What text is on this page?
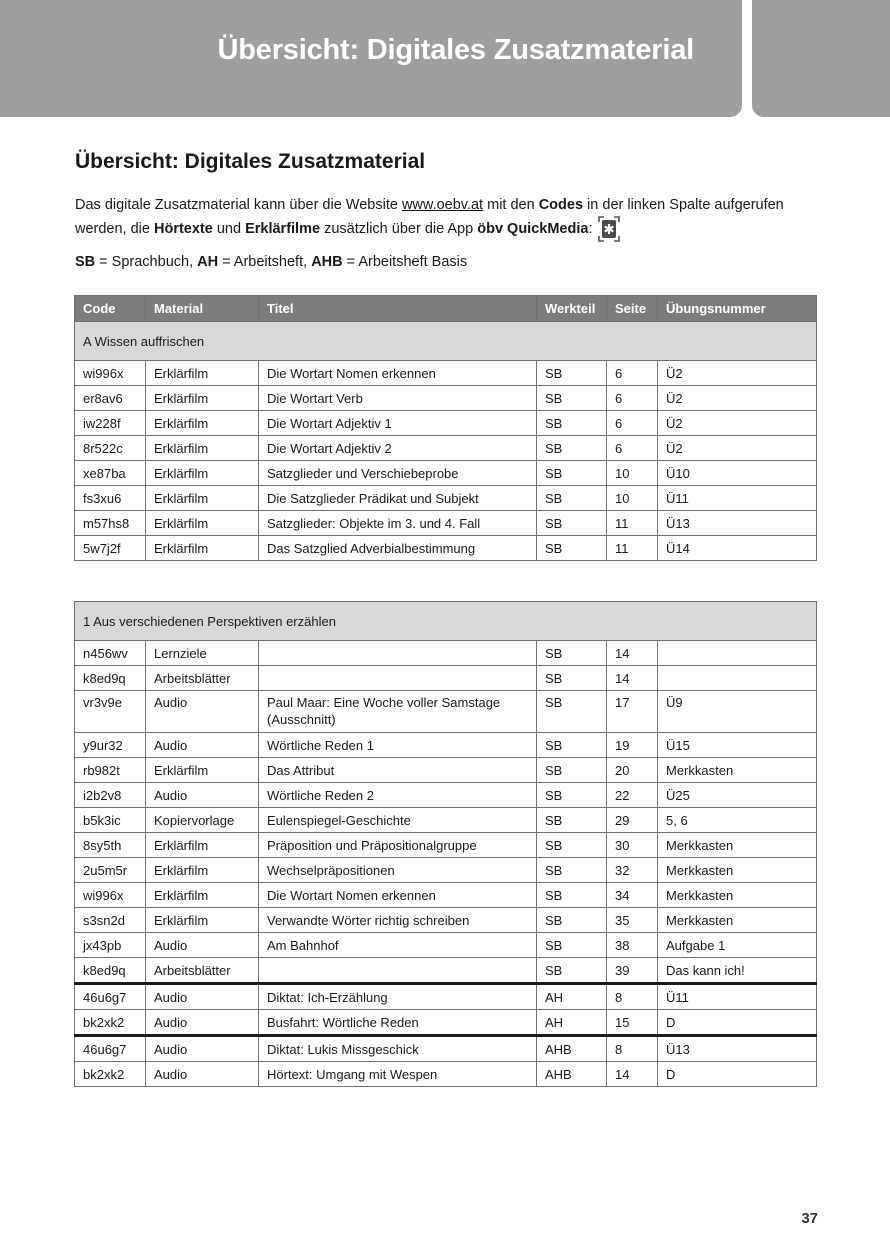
Übersicht: Digitales Zusatzmaterial
Übersicht: Digitales Zusatzmaterial

Das digitale Zusatzmaterial kann über die Website www.oebv.at mit den Codes in der linken Spalte aufgerufen werden, die Hörtexte und Erklärfilme zusätzlich über die App öbv QuickMedia:

SB = Sprachbuch, AH = Arbeitsheft, AHB = Arbeitsheft Basis

Code	Material	Titel	Werkteil	Seite	Übungsnummer
A Wissen auffrischen					
wi996x	Erklärfilm	Die Wortart Nomen erkennen	SB	6	Ü2
er8av6	Erklärfilm	Die Wortart Verb	SB	6	Ü2
iw228f	Erklärfilm	Die Wortart Adjektiv 1	SB	6	Ü2
8r522c	Erklärfilm	Die Wortart Adjektiv 2	SB	6	Ü2
xe87ba	Erklärfilm	Satzglieder und Verschiebeprobe	SB	10	Ü10
fs3xu6	Erklärfilm	Die Satzglieder Prädikat und Subjekt	SB	10	Ü11
m57hs8	Erklärfilm	Satzglieder: Objekte im 3. und 4. Fall	SB	11	Ü13
5w7j2f	Erklärfilm	Das Satzglied Adverbialbestimmung	SB	11	Ü14
1 Aus verschiedenen Perspektiven erzählen					
n456wv	Lernziele		SB	14	
k8ed9q	Arbeitsblätter		SB	14	
vr3v9e	Audio	Paul Maar: Eine Woche voller Samstage (Ausschnitt)	SB	17	Ü9
y9ur32	Audio	Wörtliche Reden 1	SB	19	Ü15
rb982t	Erklärfilm	Das Attribut	SB	20	Merkkasten
i2b2v8	Audio	Wörtliche Reden 2	SB	22	Ü25
b5k3ic	Kopiervorlage	Eulenspiegel-Geschichte	SB	29	5, 6
8sy5th	Erklärfilm	Präposition und Präpositionalgruppe	SB	30	Merkkasten
2u5m5r	Erklärfilm	Wechselpräpositionen	SB	32	Merkkasten
wi996x	Erklärfilm	Die Wortart Nomen erkennen	SB	34	Merkkasten
s3sn2d	Erklärfilm	Verwandte Wörter richtig schreiben	SB	35	Merkkasten
jx43pb	Audio	Am Bahnhof	SB	38	Aufgabe 1
k8ed9q	Arbeitsblätter		SB	39	Das kann ich!
46u6g7	Audio	Diktat: Ich-Erzählung	AH	8	Ü11
bk2xk2	Audio	Busfahrt: Wörtliche Reden	AH	15	D
46u6g7	Audio	Diktat: Lukis Missgeschick	AHB	8	Ü13
bk2xk2	Audio	Hörtext: Umgang mit Wespen	AHB	14	D
37
